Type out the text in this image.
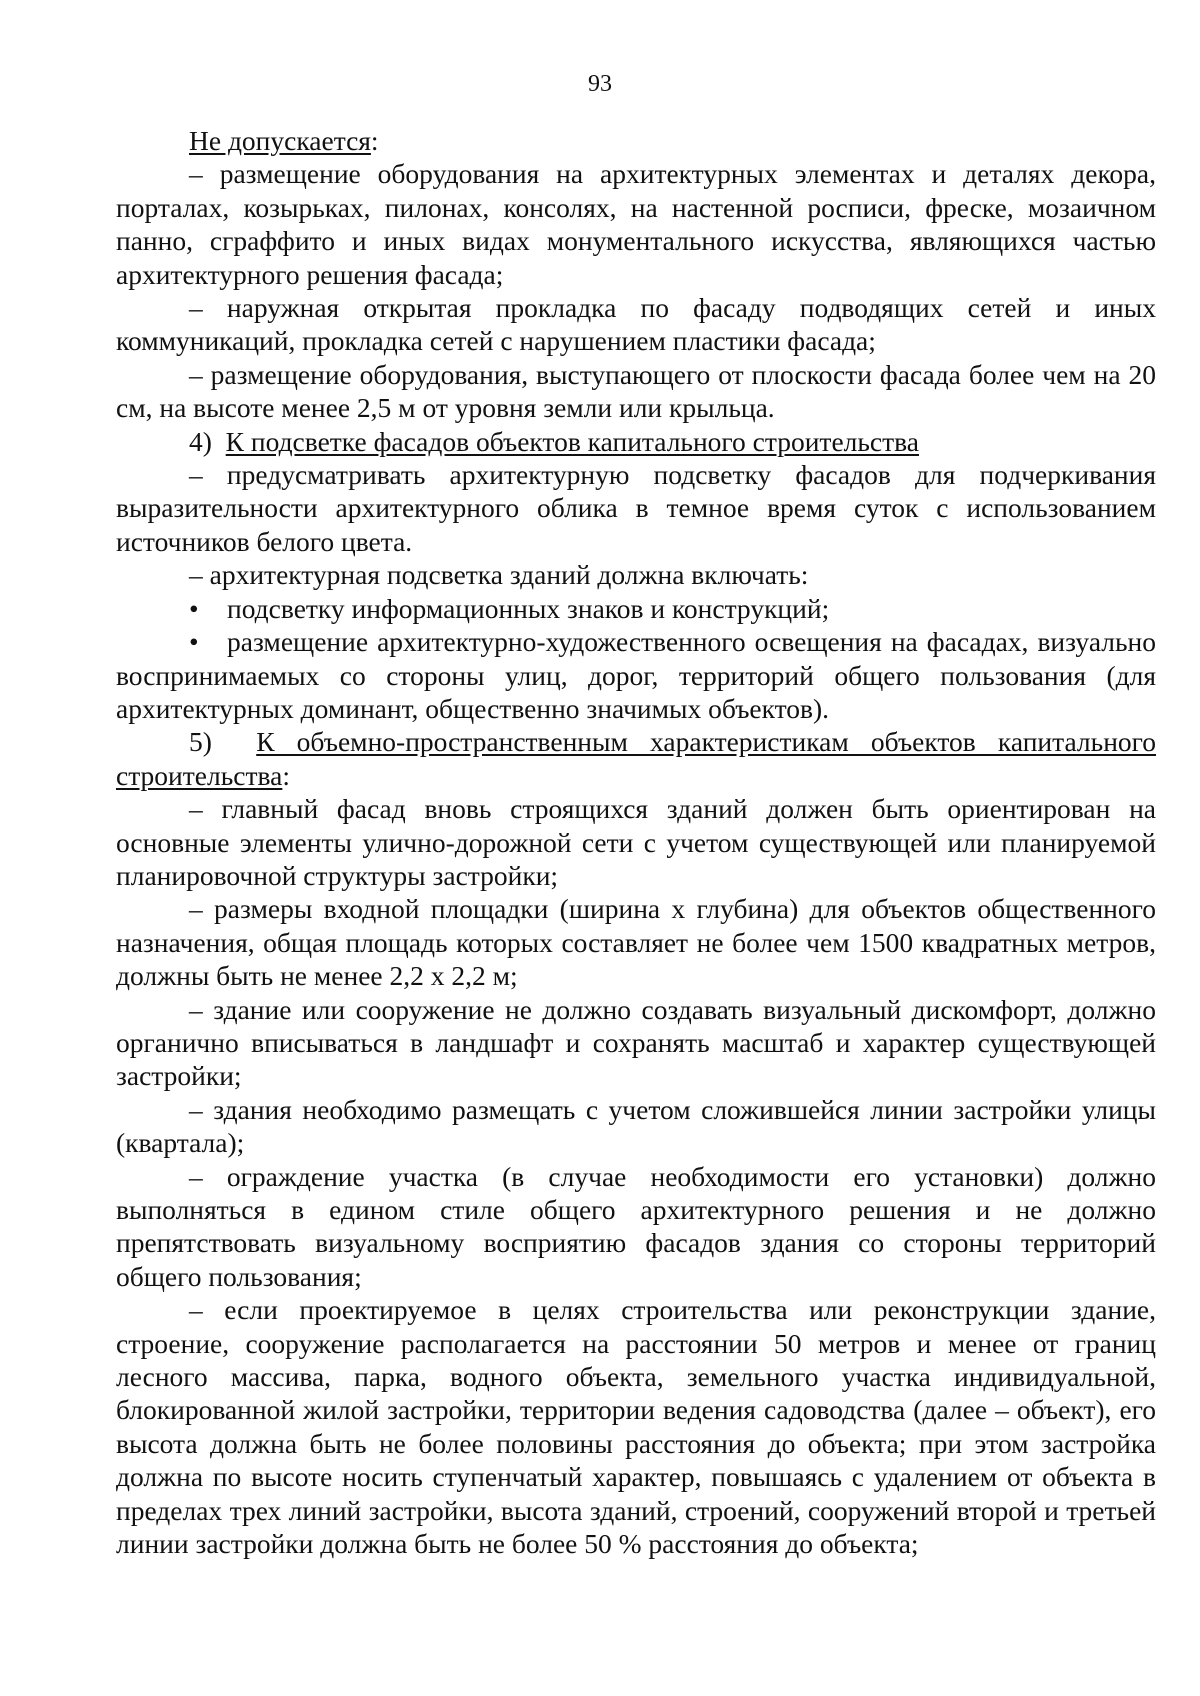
93

Не допускается:

– размещение оборудования на архитектурных элементах и деталях декора, порталах, козырьках, пилонах, консолях, на настенной росписи, фреске, мозаичном панно, сграффито и иных видах монументального искусства, являющихся частью архитектурного решения фасада;

– наружная открытая прокладка по фасаду подводящих сетей и иных коммуникаций, прокладка сетей с нарушением пластики фасада;

– размещение оборудования, выступающего от плоскости фасада более чем на 20 см, на высоте менее 2,5 м от уровня земли или крыльца.

4) К подсветке фасадов объектов капитального строительства

– предусматривать архитектурную подсветку фасадов для подчеркивания выразительности архитектурного облика в темное время суток с использованием источников белого цвета.

– архитектурная подсветка зданий должна включать:

• подсветку информационных знаков и конструкций;

• размещение архитектурно-художественного освещения на фасадах, визуально воспринимаемых со стороны улиц, дорог, территорий общего пользования (для архитектурных доминант, общественно значимых объектов).

5) К объемно-пространственным характеристикам объектов капитального строительства:

– главный фасад вновь строящихся зданий должен быть ориентирован на основные элементы улично-дорожной сети с учетом существующей или планируемой планировочной структуры застройки;

– размеры входной площадки (ширина х глубина) для объектов общественного назначения, общая площадь которых составляет не более чем 1500 квадратных метров, должны быть не менее 2,2 х 2,2 м;

– здание или сооружение не должно создавать визуальный дискомфорт, должно органично вписываться в ландшафт и сохранять масштаб и характер существующей застройки;

– здания необходимо размещать с учетом сложившейся линии застройки улицы (квартала);

– ограждение участка (в случае необходимости его установки) должно выполняться в едином стиле общего архитектурного решения и не должно препятствовать визуальному восприятию фасадов здания со стороны территорий общего пользования;

– если проектируемое в целях строительства или реконструкции здание, строение, сооружение располагается на расстоянии 50 метров и менее от границ лесного массива, парка, водного объекта, земельного участка индивидуальной, блокированной жилой застройки, территории ведения садоводства (далее – объект), его высота должна быть не более половины расстояния до объекта; при этом застройка должна по высоте носить ступенчатый характер, повышаясь с удалением от объекта в пределах трех линий застройки, высота зданий, строений, сооружений второй и третьей линии застройки должна быть не более 50 % расстояния до объекта;
